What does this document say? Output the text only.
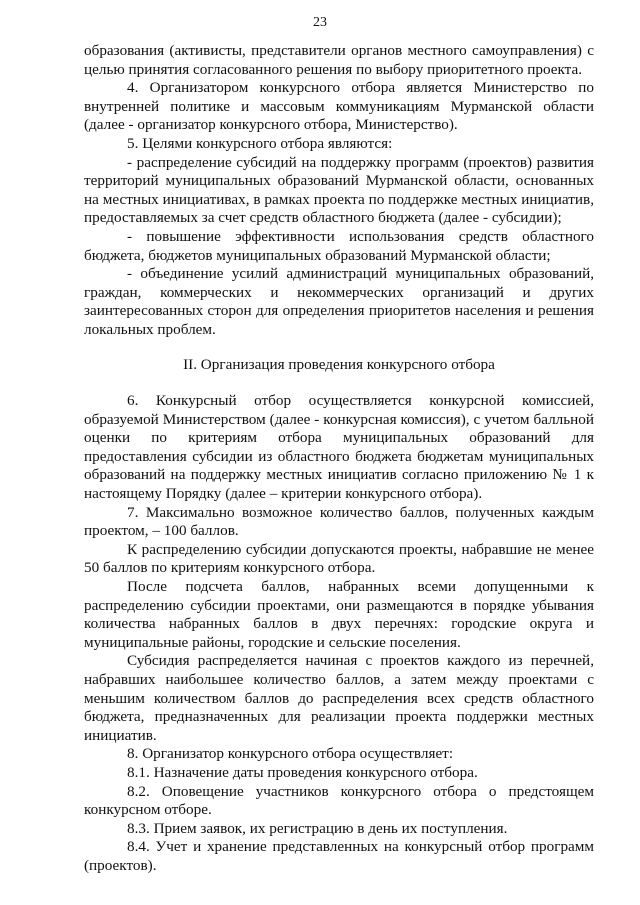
23

образования (активисты, представители органов местного самоуправления) с целью принятия согласованного решения по выбору приоритетного проекта.

4. Организатором конкурсного отбора является Министерство по внутренней политике и массовым коммуникациям Мурманской области (далее - организатор конкурсного отбора, Министерство).

5. Целями конкурсного отбора являются:

- распределение субсидий на поддержку программ (проектов) развития территорий муниципальных образований Мурманской области, основанных на местных инициативах, в рамках проекта по поддержке местных инициатив, предоставляемых за счет средств областного бюджета (далее - субсидии);

- повышение эффективности использования средств областного бюджета, бюджетов муниципальных образований Мурманской области;

- объединение усилий администраций муниципальных образований, граждан, коммерческих и некоммерческих организаций и других заинтересованных сторон для определения приоритетов населения и решения локальных проблем.

II. Организация проведения конкурсного отбора

6. Конкурсный отбор осуществляется конкурсной комиссией, образуемой Министерством (далее - конкурсная комиссия), с учетом балльной оценки по критериям отбора муниципальных образований для предоставления субсидии из областного бюджета бюджетам муниципальных образований на поддержку местных инициатив согласно приложению № 1 к настоящему Порядку (далее – критерии конкурсного отбора).

7. Максимально возможное количество баллов, полученных каждым проектом, – 100 баллов.

К распределению субсидии допускаются проекты, набравшие не менее 50 баллов по критериям конкурсного отбора.

После подсчета баллов, набранных всеми допущенными к распределению субсидии проектами, они размещаются в порядке убывания количества набранных баллов в двух перечнях: городские округа и муниципальные районы, городские и сельские поселения.

Субсидия распределяется начиная с проектов каждого из перечней, набравших наибольшее количество баллов, а затем между проектами с меньшим количеством баллов до распределения всех средств областного бюджета, предназначенных для реализации проекта поддержки местных инициатив.

8. Организатор конкурсного отбора осуществляет:

8.1. Назначение даты проведения конкурсного отбора.

8.2. Оповещение участников конкурсного отбора о предстоящем конкурсном отборе.

8.3. Прием заявок, их регистрацию в день их поступления.

8.4. Учет и хранение представленных на конкурсный отбор программ (проектов).
